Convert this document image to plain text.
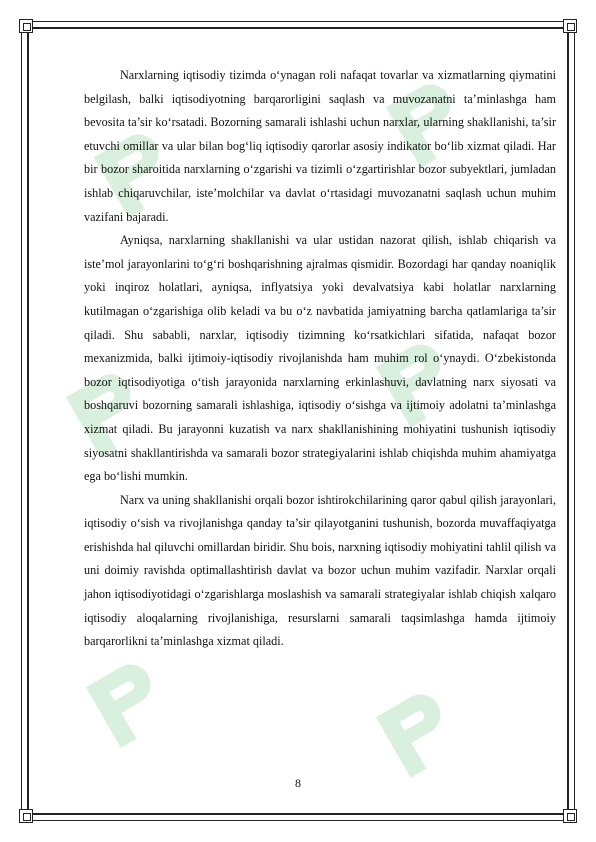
Narxlarning iqtisodiy tizimda o‘ynagan roli nafaqat tovarlar va xizmatlarning qiymatini belgilash, balki iqtisodiyotning barqarorligini saqlash va muvozanatni ta’minlashga ham bevosita ta’sir ko‘rsatadi. Bozorning samarali ishlashi uchun narxlar, ularning shakllanishi, ta’sir etuvchi omillar va ular bilan bog‘liq iqtisodiy qarorlar asosiy indikator bo‘lib xizmat qiladi. Har bir bozor sharoitida narxlarning o‘zgarishi va tizimli o‘zgartirishlar bozor subyektlari, jumladan ishlab chiqaruvchilar, iste’molchilar va davlat o‘rtasidagi muvozanatni saqlash uchun muhim vazifani bajaradi.

Ayniqsa, narxlarning shakllanishi va ular ustidan nazorat qilish, ishlab chiqarish va iste’mol jarayonlarini to‘g‘ri boshqarishning ajralmas qismidir. Bozordagi har qanday noaniqlik yoki inqiroz holatlari, ayniqsa, inflyatsiya yoki devalvatsiya kabi holatlar narxlarning kutilmagan o‘zgarishiga olib keladi va bu o‘z navbatida jamiyatning barcha qatlamlariga ta’sir qiladi. Shu sababli, narxlar, iqtisodiy tizimning ko‘rsatkichlari sifatida, nafaqat bozor mexanizmida, balki ijtimoiy-iqtisodiy rivojlanishda ham muhim rol o‘ynaydi. O‘zbekistonda bozor iqtisodiyotiga o‘tish jarayonida narxlarning erkinlashuvi, davlatning narx siyosati va boshqaruvi bozorning samarali ishlashiga, iqtisodiy o‘sishga va ijtimoiy adolatni ta’minlashga xizmat qiladi. Bu jarayonni kuzatish va narx shakllanishining mohiyatini tushunish iqtisodiy siyosatni shakllantirishda va samarali bozor strategiyalarini ishlab chiqishda muhim ahamiyatga ega bo‘lishi mumkin.

Narx va uning shakllanishi orqali bozor ishtirokchilarining qaror qabul qilish jarayonlari, iqtisodiy o‘sish va rivojlanishga qanday ta’sir qilayotganini tushunish, bozorda muvaffaqiyatga erishishda hal qiluvchi omillardan biridir. Shu bois, narxning iqtisodiy mohiyatini tahlil qilish va uni doimiy ravishda optimallashtirish davlat va bozor uchun muhim vazifadir. Narxlar orqali jahon iqtisodiyotidagi o‘zgarishlarga moslashish va samarali strategiyalar ishlab chiqish xalqaro iqtisodiy aloqalarning rivojlanishiga, resurslarni samarali taqsimlashga hamda ijtimoiy barqarorlikni ta’minlashga xizmat qiladi.

8
